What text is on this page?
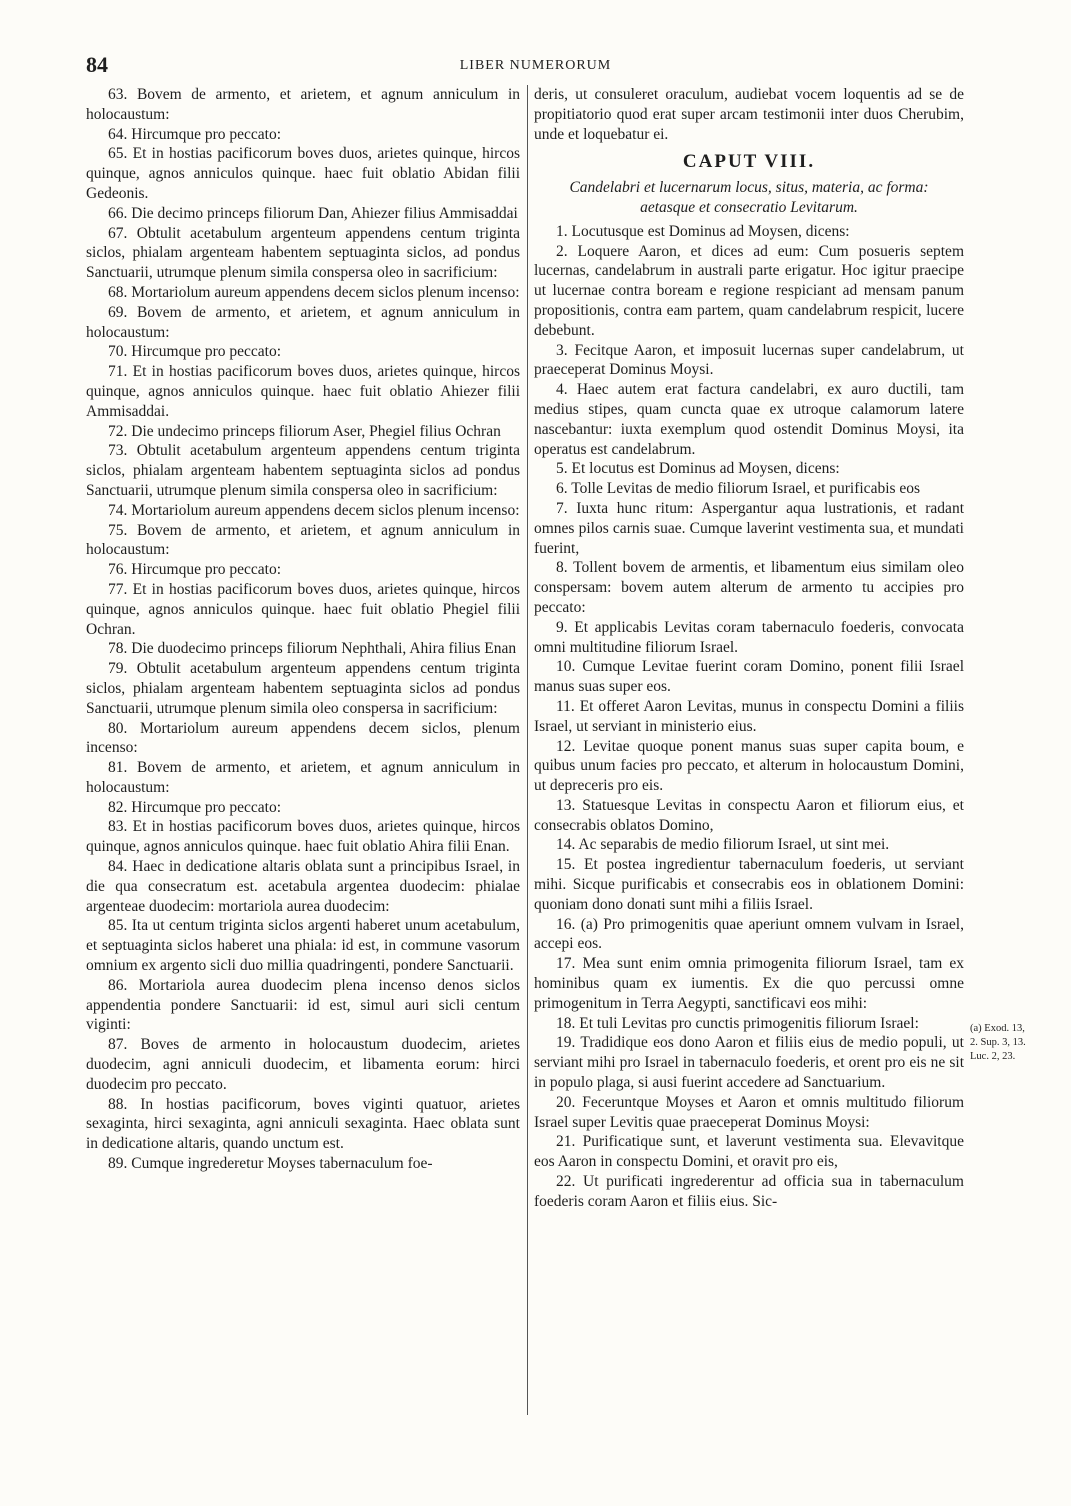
84	LIBER NUMERORUM

63. Bovem de armento, et arietem, et agnum anniculum in holocaustum:

64. Hircumque pro peccato:

65. Et in hostias pacificorum boves duos, arietes quinque, hircos quinque, agnos anniculos quinque. haec fuit oblatio Abidan filii Gedeonis.

66. Die decimo princeps filiorum Dan, Ahiezer filius Ammisaddai

67. Obtulit acetabulum argenteum appendens centum triginta siclos, phialam argenteam habentem septuaginta siclos, ad pondus Sanctuarii, utrumque plenum simila conspersa oleo in sacrificium:

68. Mortariolum aureum appendens decem siclos plenum incenso:

69. Bovem de armento, et arietem, et agnum anniculum in holocaustum:

70. Hircumque pro peccato:

71. Et in hostias pacificorum boves duos, arietes quinque, hircos quinque, agnos anniculos quinque. haec fuit oblatio Ahiezer filii Ammisaddai.

72. Die undecimo princeps filiorum Aser, Phegiel filius Ochran

73. Obtulit acetabulum argenteum appendens centum triginta siclos, phialam argenteam habentem septuaginta siclos ad pondus Sanctuarii, utrumque plenum simila conspersa oleo in sacrificium:

74. Mortariolum aureum appendens decem siclos plenum incenso:

75. Bovem de armento, et arietem, et agnum anniculum in holocaustum:

76. Hircumque pro peccato:

77. Et in hostias pacificorum boves duos, arietes quinque, hircos quinque, agnos anniculos quinque. haec fuit oblatio Phegiel filii Ochran.

78. Die duodecimo princeps filiorum Nephthali, Ahira filius Enan

79. Obtulit acetabulum argenteum appendens centum triginta siclos, phialam argenteam habentem septuaginta siclos ad pondus Sanctuarii, utrumque plenum simila oleo conspersa in sacrificium:

80. Mortariolum aureum appendens decem siclos, plenum incenso:

81. Bovem de armento, et arietem, et agnum anniculum in holocaustum:

82. Hircumque pro peccato:

83. Et in hostias pacificorum boves duos, arietes quinque, hircos quinque, agnos anniculos quinque. haec fuit oblatio Ahira filii Enan.

84. Haec in dedicatione altaris oblata sunt a principibus Israel, in die qua consecratum est. acetabula argentea duodecim: phialae argenteae duodecim: mortariola aurea duodecim:

85. Ita ut centum triginta siclos argenti haberet unum acetabulum, et septuaginta siclos haberet una phiala: id est, in commune vasorum omnium ex argento sicli duo millia quadringenti, pondere Sanctuarii.

86. Mortariola aurea duodecim plena incenso denos siclos appendentia pondere Sanctuarii: id est, simul auri sicli centum viginti:

87. Boves de armento in holocaustum duodecim, arietes duodecim, agni anniculi duodecim, et libamenta eorum: hirci duodecim pro peccato.

88. In hostias pacificorum, boves viginti quatuor, arietes sexaginta, hirci sexaginta, agni anniculi sexaginta. Haec oblata sunt in dedicatione altaris, quando unctum est.

89. Cumque ingrederetur Moyses tabernaculum foe-

deris, ut consuleret oraculum, audiebat vocem loquentis ad se de propitiatorio quod erat super arcam testimonii inter duos Cherubim, unde et loquebatur ei.

CAPUT VIII.

Candelabri et lucernarum locus, situs, materia, ac forma: aetasque et consecratio Levitarum.

1. Locutusque est Dominus ad Moysen, dicens:

2. Loquere Aaron, et dices ad eum: Cum posueris septem lucernas, candelabrum in australi parte erigatur. Hoc igitur praecipe ut lucernae contra boream e regione respiciant ad mensam panum propositionis, contra eam partem, quam candelabrum respicit, lucere debebunt.

3. Fecitque Aaron, et imposuit lucernas super candelabrum, ut praeceperat Dominus Moysi.

4. Haec autem erat factura candelabri, ex auro ductili, tam medius stipes, quam cuncta quae ex utroque calamorum latere nascebantur: iuxta exemplum quod ostendit Dominus Moysi, ita operatus est candelabrum.

5. Et locutus est Dominus ad Moysen, dicens:

6. Tolle Levitas de medio filiorum Israel, et purificabis eos

7. Iuxta hunc ritum: Aspergantur aqua lustrationis, et radant omnes pilos carnis suae. Cumque laverint vestimenta sua, et mundati fuerint,

8. Tollent bovem de armentis, et libamentum eius similam oleo conspersam: bovem autem alterum de armento tu accipies pro peccato:

9. Et applicabis Levitas coram tabernaculo foederis, convocata omni multitudine filiorum Israel.

10. Cumque Levitae fuerint coram Domino, ponent filii Israel manus suas super eos.

11. Et offeret Aaron Levitas, munus in conspectu Domini a filiis Israel, ut serviant in ministerio eius.

12. Levitae quoque ponent manus suas super capita boum, e quibus unum facies pro peccato, et alterum in holocaustum Domini, ut depreceris pro eis.

13. Statuesque Levitas in conspectu Aaron et filiorum eius, et consecrabis oblatos Domino,

14. Ac separabis de medio filiorum Israel, ut sint mei.

15. Et postea ingredientur tabernaculum foederis, ut serviant mihi. Sicque purificabis et consecrabis eos in oblationem Domini: quoniam dono donati sunt mihi a filiis Israel.

16. (a) Pro primogenitis quae aperiunt omnem vulvam in Israel, accepi eos.

17. Mea sunt enim omnia primogenita filiorum Israel, tam ex hominibus quam ex iumentis. Ex die quo percussi omne primogenitum in Terra Aegypti, sanctificavi eos mihi:

18. Et tuli Levitas pro cunctis primogenitis filiorum Israel:

19. Tradidique eos dono Aaron et filiis eius de medio populi, ut serviant mihi pro Israel in tabernaculo foederis, et orent pro eis ne sit in populo plaga, si ausi fuerint accedere ad Sanctuarium.

20. Feceruntque Moyses et Aaron et omnis multitudo filiorum Israel super Levitis quae praeceperat Dominus Moysi:

21. Purificatique sunt, et laverunt vestimenta sua. Elevavitque eos Aaron in conspectu Domini, et oravit pro eis,

22. Ut purificati ingrederentur ad officia sua in tabernaculum foederis coram Aaron et filiis eius. Sic-

(a) Exod. 13,
2. Sup. 3, 13.
Luc. 2, 23.
